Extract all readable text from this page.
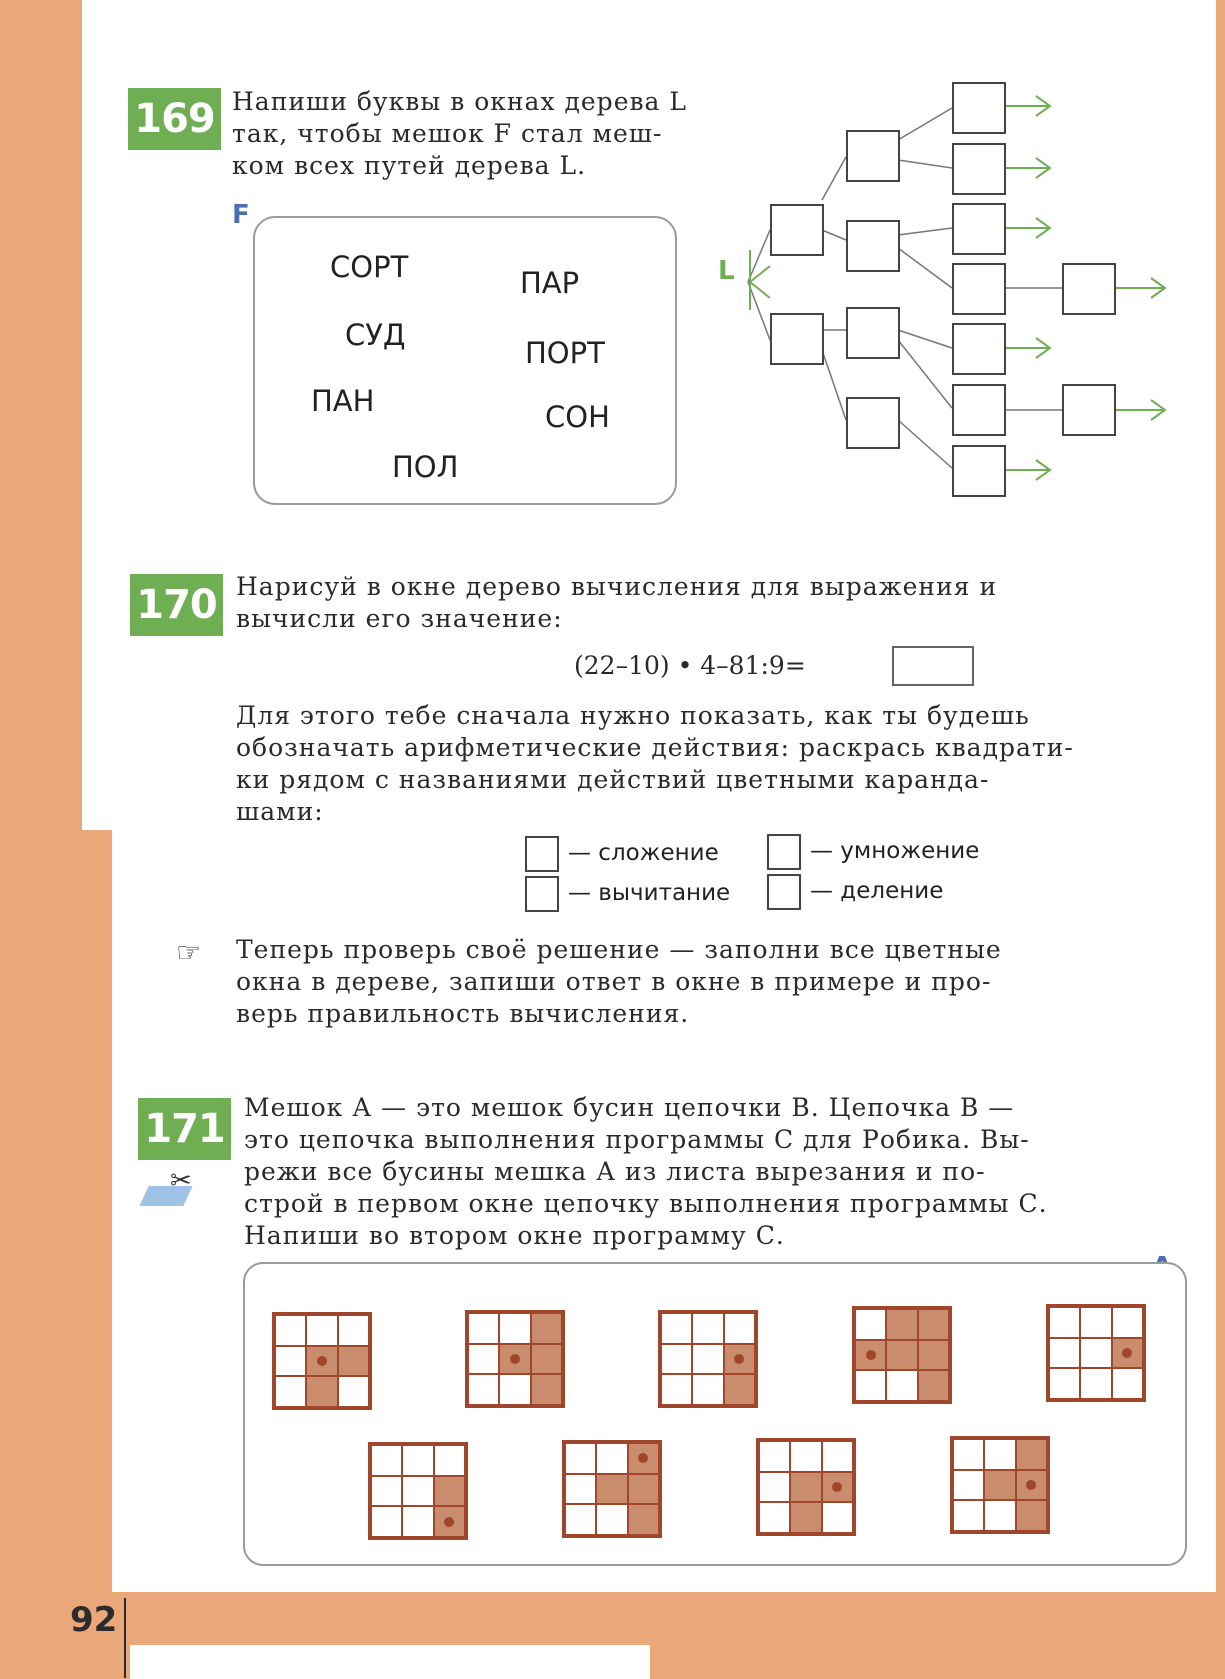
92
169 Напиши буквы в окнах дерева L
так, чтобы мешок F стал меш-
ком всех путей дерева L.
F
СОРТ	ПАР
СУД
ПОРТ
ПАН	СОН
ПОЛ
L
170 Нарисуй в окне дерево вычисления для выражения и
вычисли его значение:
(22–10) • 4–81:9=
Для этого тебе сначала нужно показать, как ты будешь
обозначать арифметические действия: раскрась квадрати-
ки рядом с названиями действий цветными каранда-
шами:
— сложение
— вычитание
— умножение
— деление
☞ Теперь проверь своё решение — заполни все цветные
окна в дереве, запиши ответ в окне в примере и про-
верь правильность вычисления.
171
✂
Мешок А — это мешок бусин цепочки В. Цепочка В —
это цепочка выполнения программы С для Робика. Вы-
режи все бусины мешка А из листа вырезания и по-
строй в первом окне цепочку выполнения программы С.
Напиши во втором окне программу С.
